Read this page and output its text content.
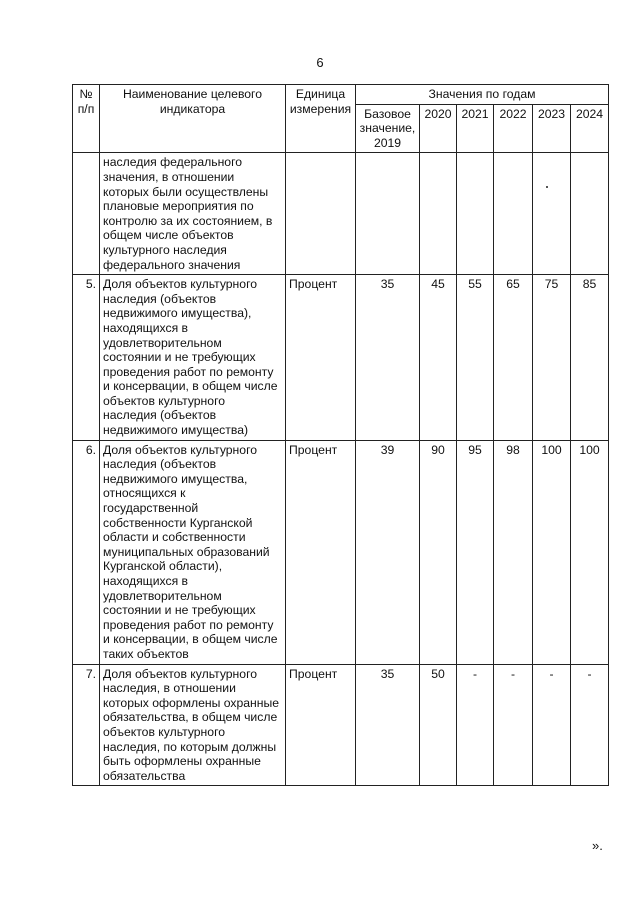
6
№
п/п	Наименование целевого индикатора	Единица измерения	Значения по годам					
			Базовое значение, 2019	2020	2021	2022	2023	2024
	наследия федерального значения, в отношении которых были осуществлены плановые мероприятия по контролю за их состоянием, в общем числе объектов культурного наследия федерального значения							
5.	Доля объектов культурного наследия (объектов недвижимого имущества), находящихся в удовлетворительном состоянии и не требующих проведения работ по ремонту и консервации, в общем числе объектов культурного наследия (объектов недвижимого имущества)	Процент	35	45	55	65	75	85
6.	Доля объектов культурного наследия (объектов недвижимого имущества, относящихся к государственной собственности Курганской области и собственности муниципальных образований Курганской области), находящихся в удовлетворительном состоянии и не требующих проведения работ по ремонту и консервации, в общем числе таких объектов	Процент	39	90	95	98	100	100
7.	Доля объектов культурного наследия, в отношении которых оформлены охранные обязательства, в общем числе объектов культурного наследия, по которым должны быть оформлены охранные обязательства	Процент	35	50	-	-	-	-
».
